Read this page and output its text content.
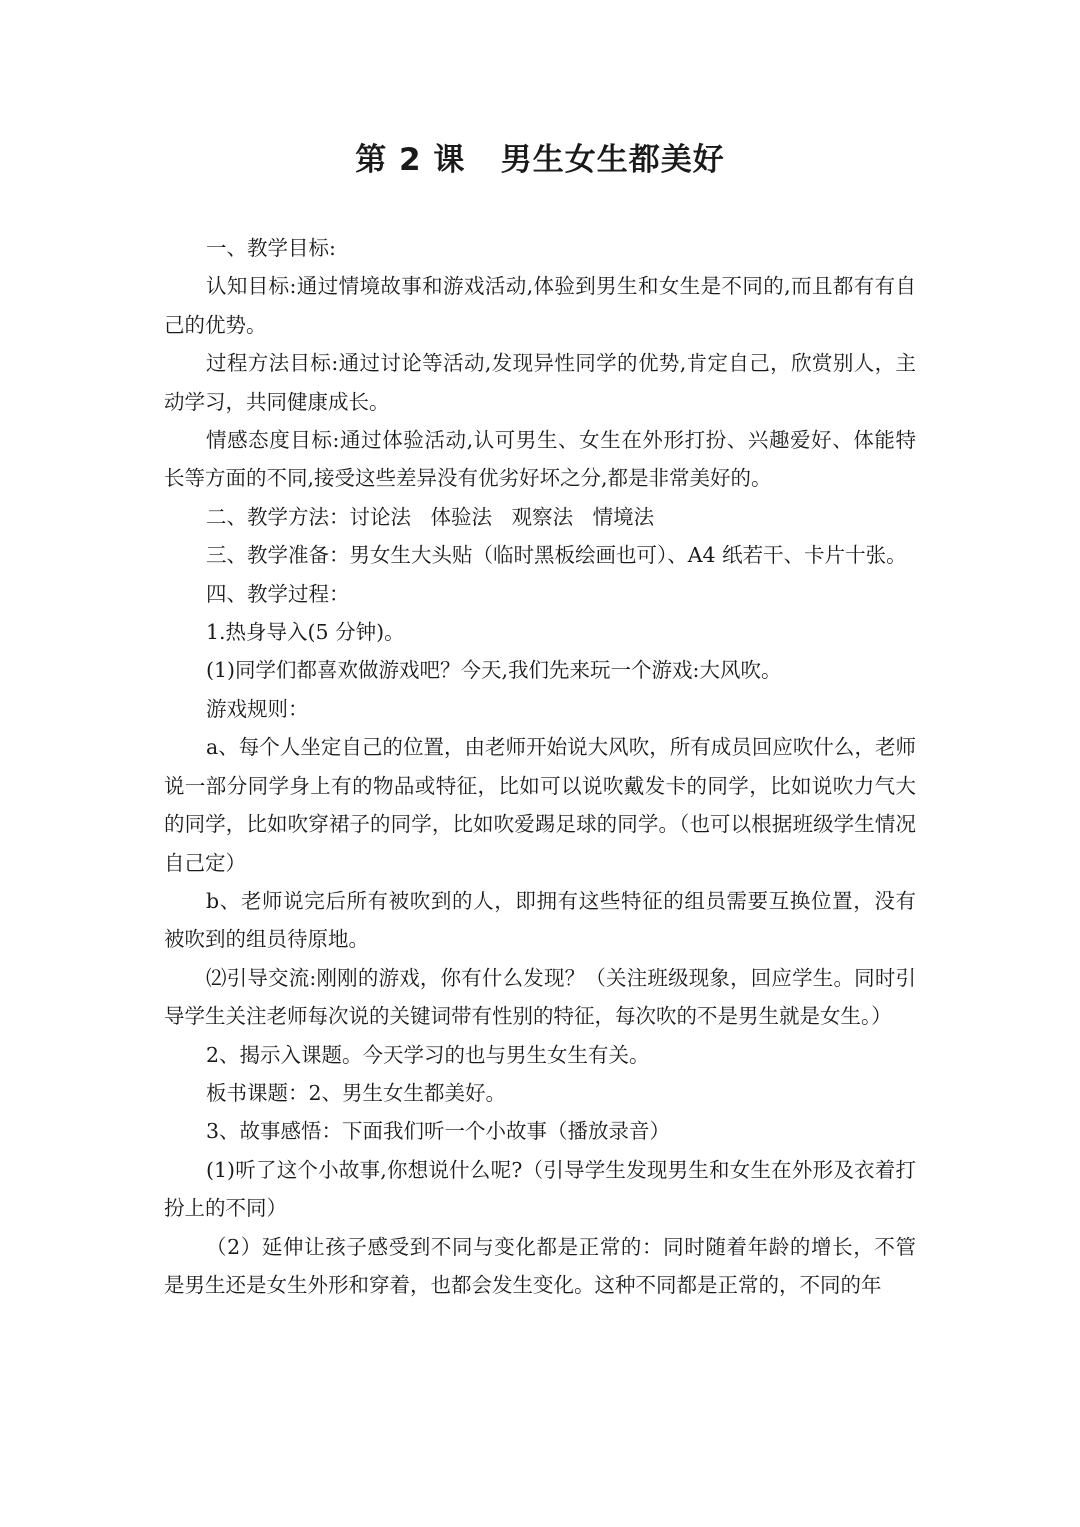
第 2 课   男生女生都美好

一、教学目标:

认知目标:通过情境故事和游戏活动,体验到男生和女生是不同的,而且都有有自己的优势。

过程方法目标:通过讨论等活动,发现异性同学的优势,肯定自己，欣赏别人，主动学习，共同健康成长。

情感态度目标:通过体验活动,认可男生、女生在外形打扮、兴趣爱好、体能特长等方面的不同,接受这些差异没有优劣好坏之分,都是非常美好的。

二、教学方法：讨论法   体验法   观察法   情境法

三、教学准备：男女生大头贴（临时黑板绘画也可）、A4 纸若干、卡片十张。

四、教学过程：

1.热身导入(5 分钟)。

(1)同学们都喜欢做游戏吧？今天,我们先来玩一个游戏:大风吹。

游戏规则：

a、每个人坐定自己的位置，由老师开始说大风吹，所有成员回应吹什么，老师说一部分同学身上有的物品或特征，比如可以说吹戴发卡的同学，比如说吹力气大的同学，比如吹穿裙子的同学，比如吹爱踢足球的同学。（也可以根据班级学生情况自己定）

b、老师说完后所有被吹到的人，即拥有这些特征的组员需要互换位置，没有被吹到的组员待原地。

⑵引导交流:刚刚的游戏，你有什么发现？（关注班级现象，回应学生。同时引导学生关注老师每次说的关键词带有性别的特征，每次吹的不是男生就是女生。）

2、揭示入课题。今天学习的也与男生女生有关。

板书课题：2、男生女生都美好。

3、故事感悟：下面我们听一个小故事（播放录音）

(1)听了这个小故事,你想说什么呢?（引导学生发现男生和女生在外形及衣着打扮上的不同）

（2）延伸让孩子感受到不同与变化都是正常的：同时随着年龄的增长，不管是男生还是女生外形和穿着，也都会发生变化。这种不同都是正常的，不同的年
